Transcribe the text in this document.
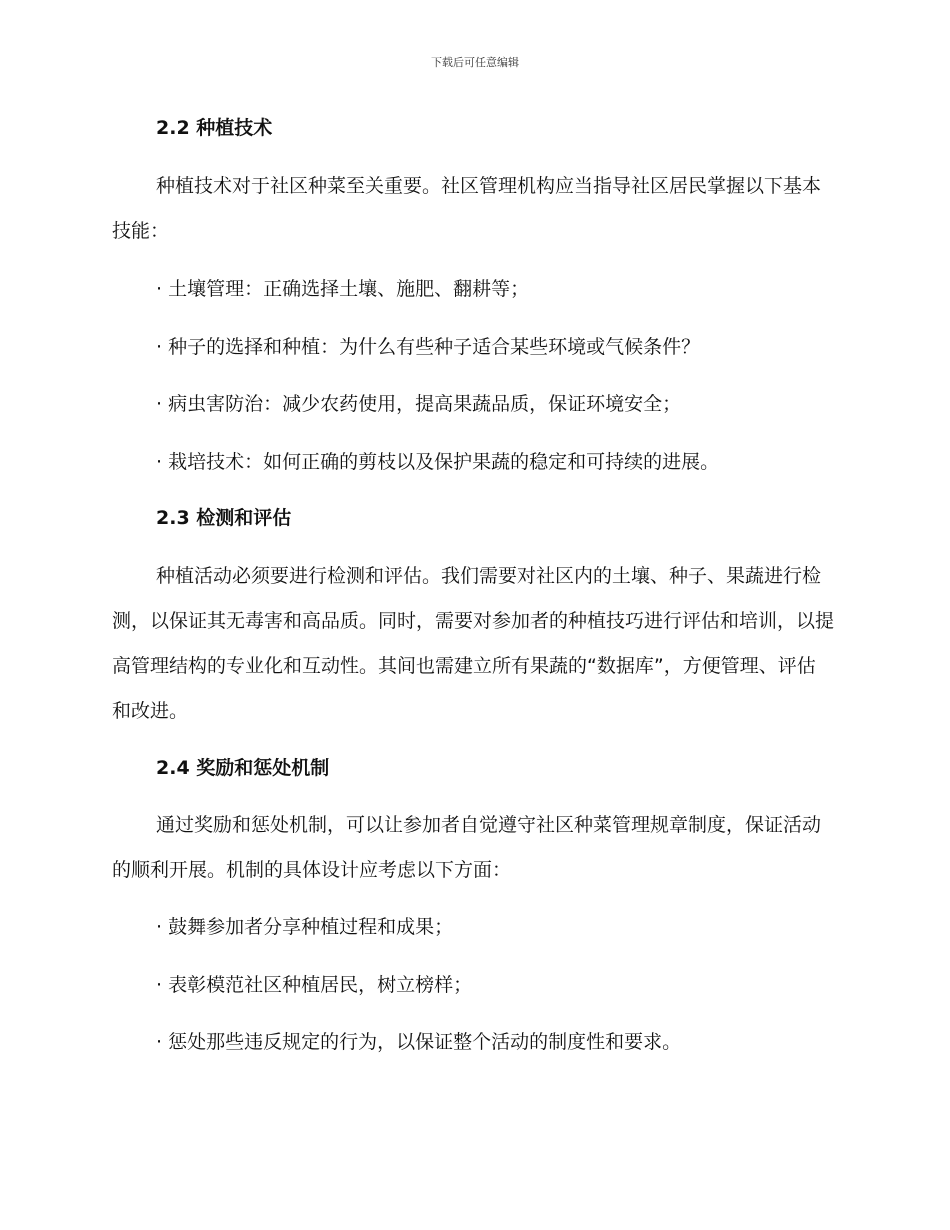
下载后可任意编辑
2.2 种植技术

种植技术对于社区种菜至关重要。社区管理机构应当指导社区居民掌握以下基本技能：

· 土壤管理：正确选择土壤、施肥、翻耕等；

· 种子的选择和种植：为什么有些种子适合某些环境或气候条件？

· 病虫害防治：减少农药使用，提高果蔬品质，保证环境安全；

· 栽培技术：如何正确的剪枝以及保护果蔬的稳定和可持续的进展。

2.3 检测和评估

种植活动必须要进行检测和评估。我们需要对社区内的土壤、种子、果蔬进行检测，以保证其无毒害和高品质。同时，需要对参加者的种植技巧进行评估和培训，以提高管理结构的专业化和互动性。其间也需建立所有果蔬的“数据库”，方便管理、评估和改进。

2.4 奖励和惩处机制

通过奖励和惩处机制，可以让参加者自觉遵守社区种菜管理规章制度，保证活动的顺利开展。机制的具体设计应考虑以下方面：

· 鼓舞参加者分享种植过程和成果；

· 表彰模范社区种植居民，树立榜样；

· 惩处那些违反规定的行为，以保证整个活动的制度性和要求。
